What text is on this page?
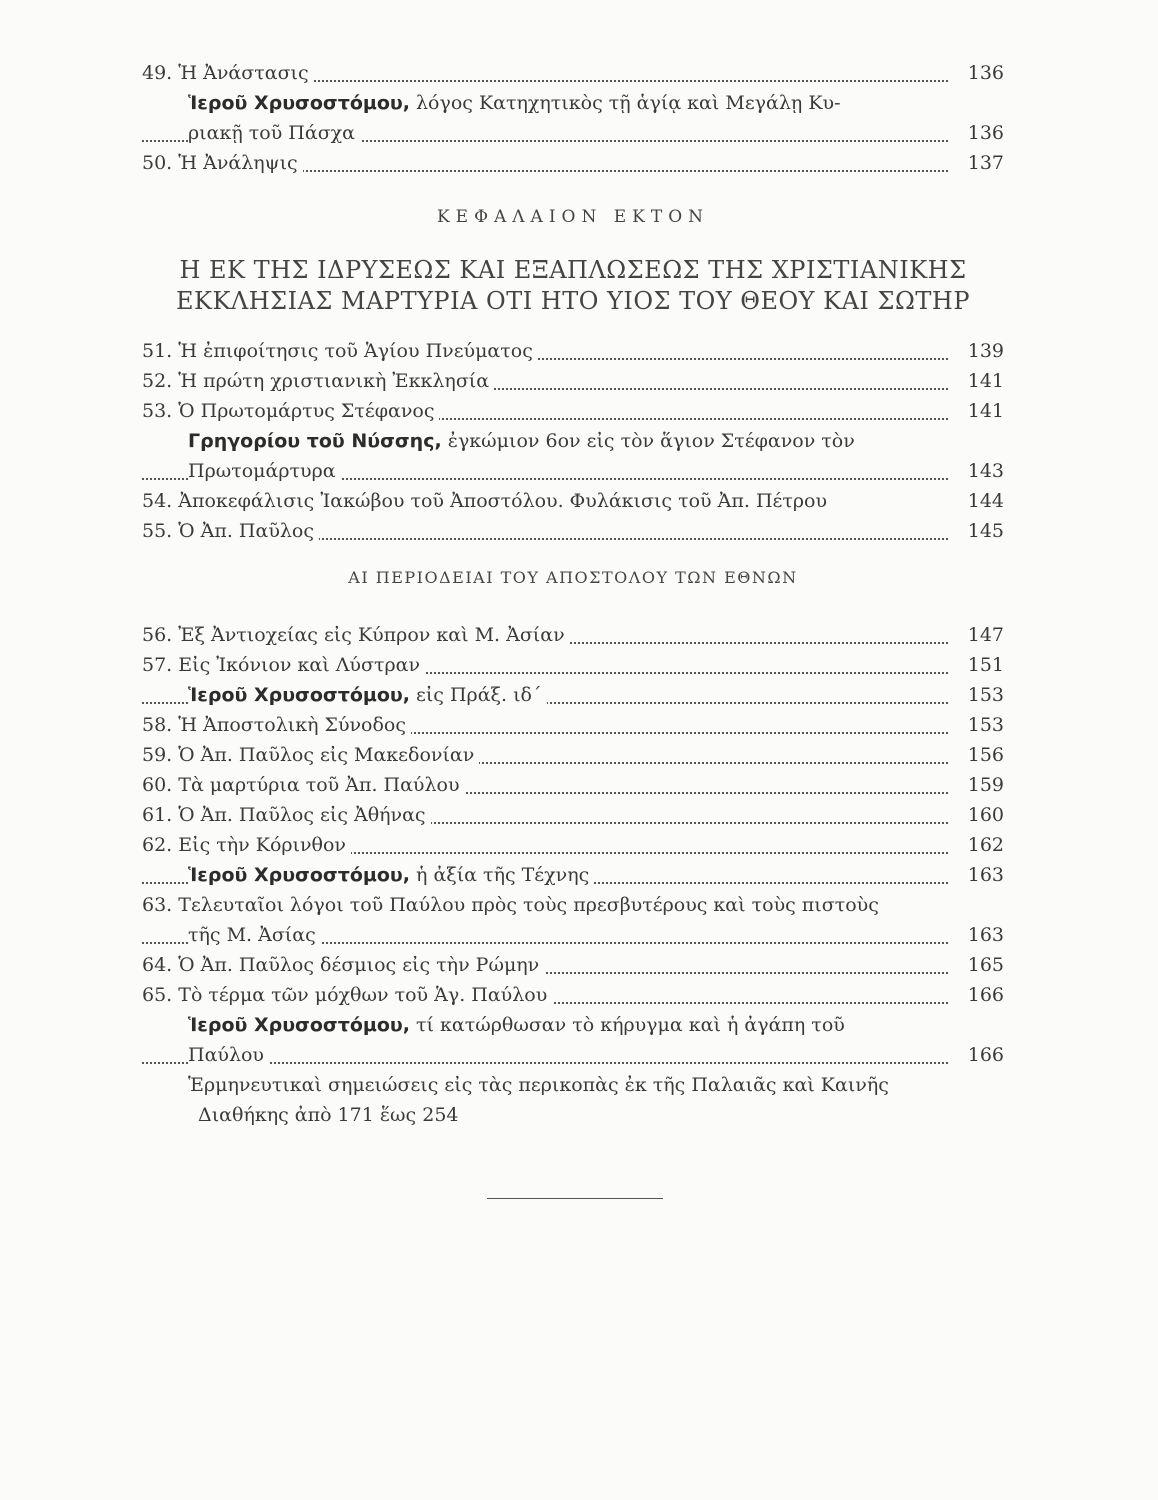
49. Ἡ Ἀνάστασις	136
Ἱεροῦ Χρυσοστόμου, λόγος Κατηχητικὸς τῇ ἁγίᾳ καὶ Μεγάλῃ Κυ-
ριακῇ τοῦ Πάσχα	136
50. Ἡ Ἀνάληψις	137
ΚΕΦΑΛΑΙΟΝ ΕΚΤΟΝ
Η ΕΚ ΤΗΣ ΙΔΡΥΣΕΩΣ ΚΑΙ ΕΞΑΠΛΩΣΕΩΣ ΤΗΣ ΧΡΙΣΤΙΑΝΙΚΗΣ
ΕΚΚΛΗΣΙΑΣ ΜΑΡΤΥΡΙΑ ΟΤΙ ΗΤΟ ΥΙΟΣ ΤΟΥ ΘΕΟΥ ΚΑΙ ΣΩΤΗΡ
51. Ἡ ἐπιφοίτησις τοῦ Ἁγίου Πνεύματος	139
52. Ἡ πρώτη χριστιανικὴ Ἐκκλησία	141
53. Ὁ Πρωτομάρτυς Στέφανος	141
Γρηγορίου τοῦ Νύσσης, ἐγκώμιον 6ον εἰς τὸν ἅγιον Στέφανον τὸν
Πρωτομάρτυρα	143
54. Ἀποκεφάλισις Ἰακώβου τοῦ Ἀποστόλου. Φυλάκισις τοῦ Ἀπ. Πέτρου	144
55. Ὁ Ἀπ. Παῦλος	145
ΑΙ ΠΕΡΙΟΔΕΙΑΙ ΤΟΥ ΑΠΟΣΤΟΛΟΥ ΤΩΝ ΕΘΝΩΝ
56. Ἐξ Ἀντιοχείας εἰς Κύπρον καὶ Μ. Ἀσίαν	147
57. Εἰς Ἰκόνιον καὶ Λύστραν	151
Ἱεροῦ Χρυσοστόμου, εἰς Πράξ. ιδ΄	153
58. Ἡ Ἀποστολικὴ Σύνοδος	153
59. Ὁ Ἀπ. Παῦλος εἰς Μακεδονίαν	156
60. Τὰ μαρτύρια τοῦ Ἀπ. Παύλου	159
61. Ὁ Ἀπ. Παῦλος εἰς Ἀθήνας	160
62. Εἰς τὴν Κόρινθον	162
Ἱεροῦ Χρυσοστόμου, ἡ ἀξία τῆς Τέχνης	163
63. Τελευταῖοι λόγοι τοῦ Παύλου πρὸς τοὺς πρεσβυτέρους καὶ τοὺς πιστοὺς
τῆς Μ. Ἀσίας	163
64. Ὁ Ἀπ. Παῦλος δέσμιος εἰς τὴν Ρώμην	165
65. Τὸ τέρμα τῶν μόχθων τοῦ Ἁγ. Παύλου	166
Ἱεροῦ Χρυσοστόμου, τί κατώρθωσαν τὸ κήρυγμα καὶ ἡ ἀγάπη τοῦ
Παύλου	166
Ἑρμηνευτικαὶ σημειώσεις εἰς τὰς περικοπὰς ἐκ τῆς Παλαιᾶς καὶ Καινῆς
Διαθήκης ἀπὸ 171 ἕως 254
